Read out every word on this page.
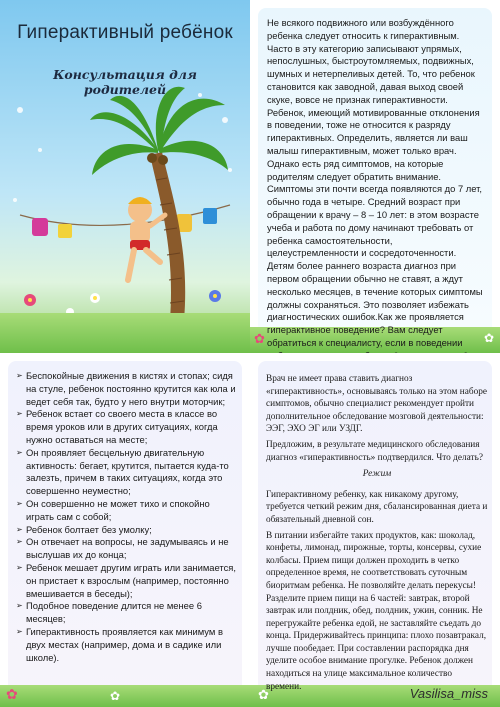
Гиперактивный ребёнок
Консультация для родителей
✿	✿

Не всякого подвижного или возбуждённого ребенка следует относить к гиперактивным. Часто в эту категорию записывают упрямых, непослушных, быстроутомляемых, подвижных, шумных и нетерпеливых детей. То, что ребенок становится как заводной, давая выход своей скуке, вовсе не признак гиперактивности. Ребенок, имеющий мотивированные отклонения в поведении, тоже не относится к разряду гиперактивных. Определить, является ли ваш малыш гиперактивным, может только врач. Однако есть ряд симптомов, на которые родителям следует обратить внимание. Симптомы эти почти всегда появляются до 7 лет, обычно года в четыре. Средний возраст при обращении к врачу – 8 – 10 лет: в этом возрасте учеба и работа по дому начинают требовать от ребенка самостоятельности, целеустремленности и сосредоточенности. Детям более раннего возраста диагноз при первом обращении обычно не ставят, а ждут несколько месяцев, в течение которых симптомы должны сохраняться. Это позволяет избежать диагностических ошибок.Как же проявляется гиперактивное поведение? Вам следует обратиться к специалисту, если в поведении

✿	✿
➢ Беспокойные движения в кистях и стопах; сидя на стуле, ребенок постоянно крутится как юла и ведет себя так, будто у него внутри моторчик;
➢ Ребенок встает со своего места в классе во время уроков или в других ситуациях, когда нужно оставаться на месте;
➢ Он проявляет бесцельную двигательную активность: бегает, крутится, пытается куда-то залезть, причем в таких ситуациях, когда это совершенно неуместно;
➢ Он совершенно не может тихо и спокойно играть сам с собой;
➢ Ребенок болтает без умолку;
➢ Он отвечает на вопросы, не задумываясь и не выслушав их до конца;
➢ Ребенок мешает другим играть или занимается, он пристает к взрослым (например, постоянно вмешивается в беседы);
➢ Подобное поведение длится не менее 6 месяцев;
➢ Гиперактивность проявляется как минимум в двух местах (например, дома и в садике или школе).
✿

Врач не имеет права ставить диагноз «гиперактивность», основываясь только на этом наборе симптомов, обычно специалист рекомендует пройти дополнительное обследование мозговой деятельности: ЭЭГ, ЭХО ЭГ или УЗДГ.

Предложим, в результате медицинского обследования диагноз «гиперактивность» подтвердился. Что делать?

Режим

Гиперактивному ребенку, как никакому другому, требуется четкий режим дня, сбалансированная диета и обязательный дневной сон.

В питании избегайте таких продуктов, как: шоколад, конфеты, лимонад, пирожные, торты, консервы, сухие колбасы. Прием пищи должен проходить в четко определенное время, не соответствовать суточным биоритмам ребенка. Не позволяйте делать перекусы! Разделите прием пищи на 6 частей: завтрак, второй завтрак или полдник, обед, полдник, ужин, сонник. Не перегружайте ребенка едой, не заставляйте съедать до конца. Придерживайтесь принципа: плохо позавтракал, лучше пообедает. При составлении распорядка дня уделите особое внимание прогулке. Ребенок должен находиться на улице максимальное количество времени.	Vasilisa_miss
